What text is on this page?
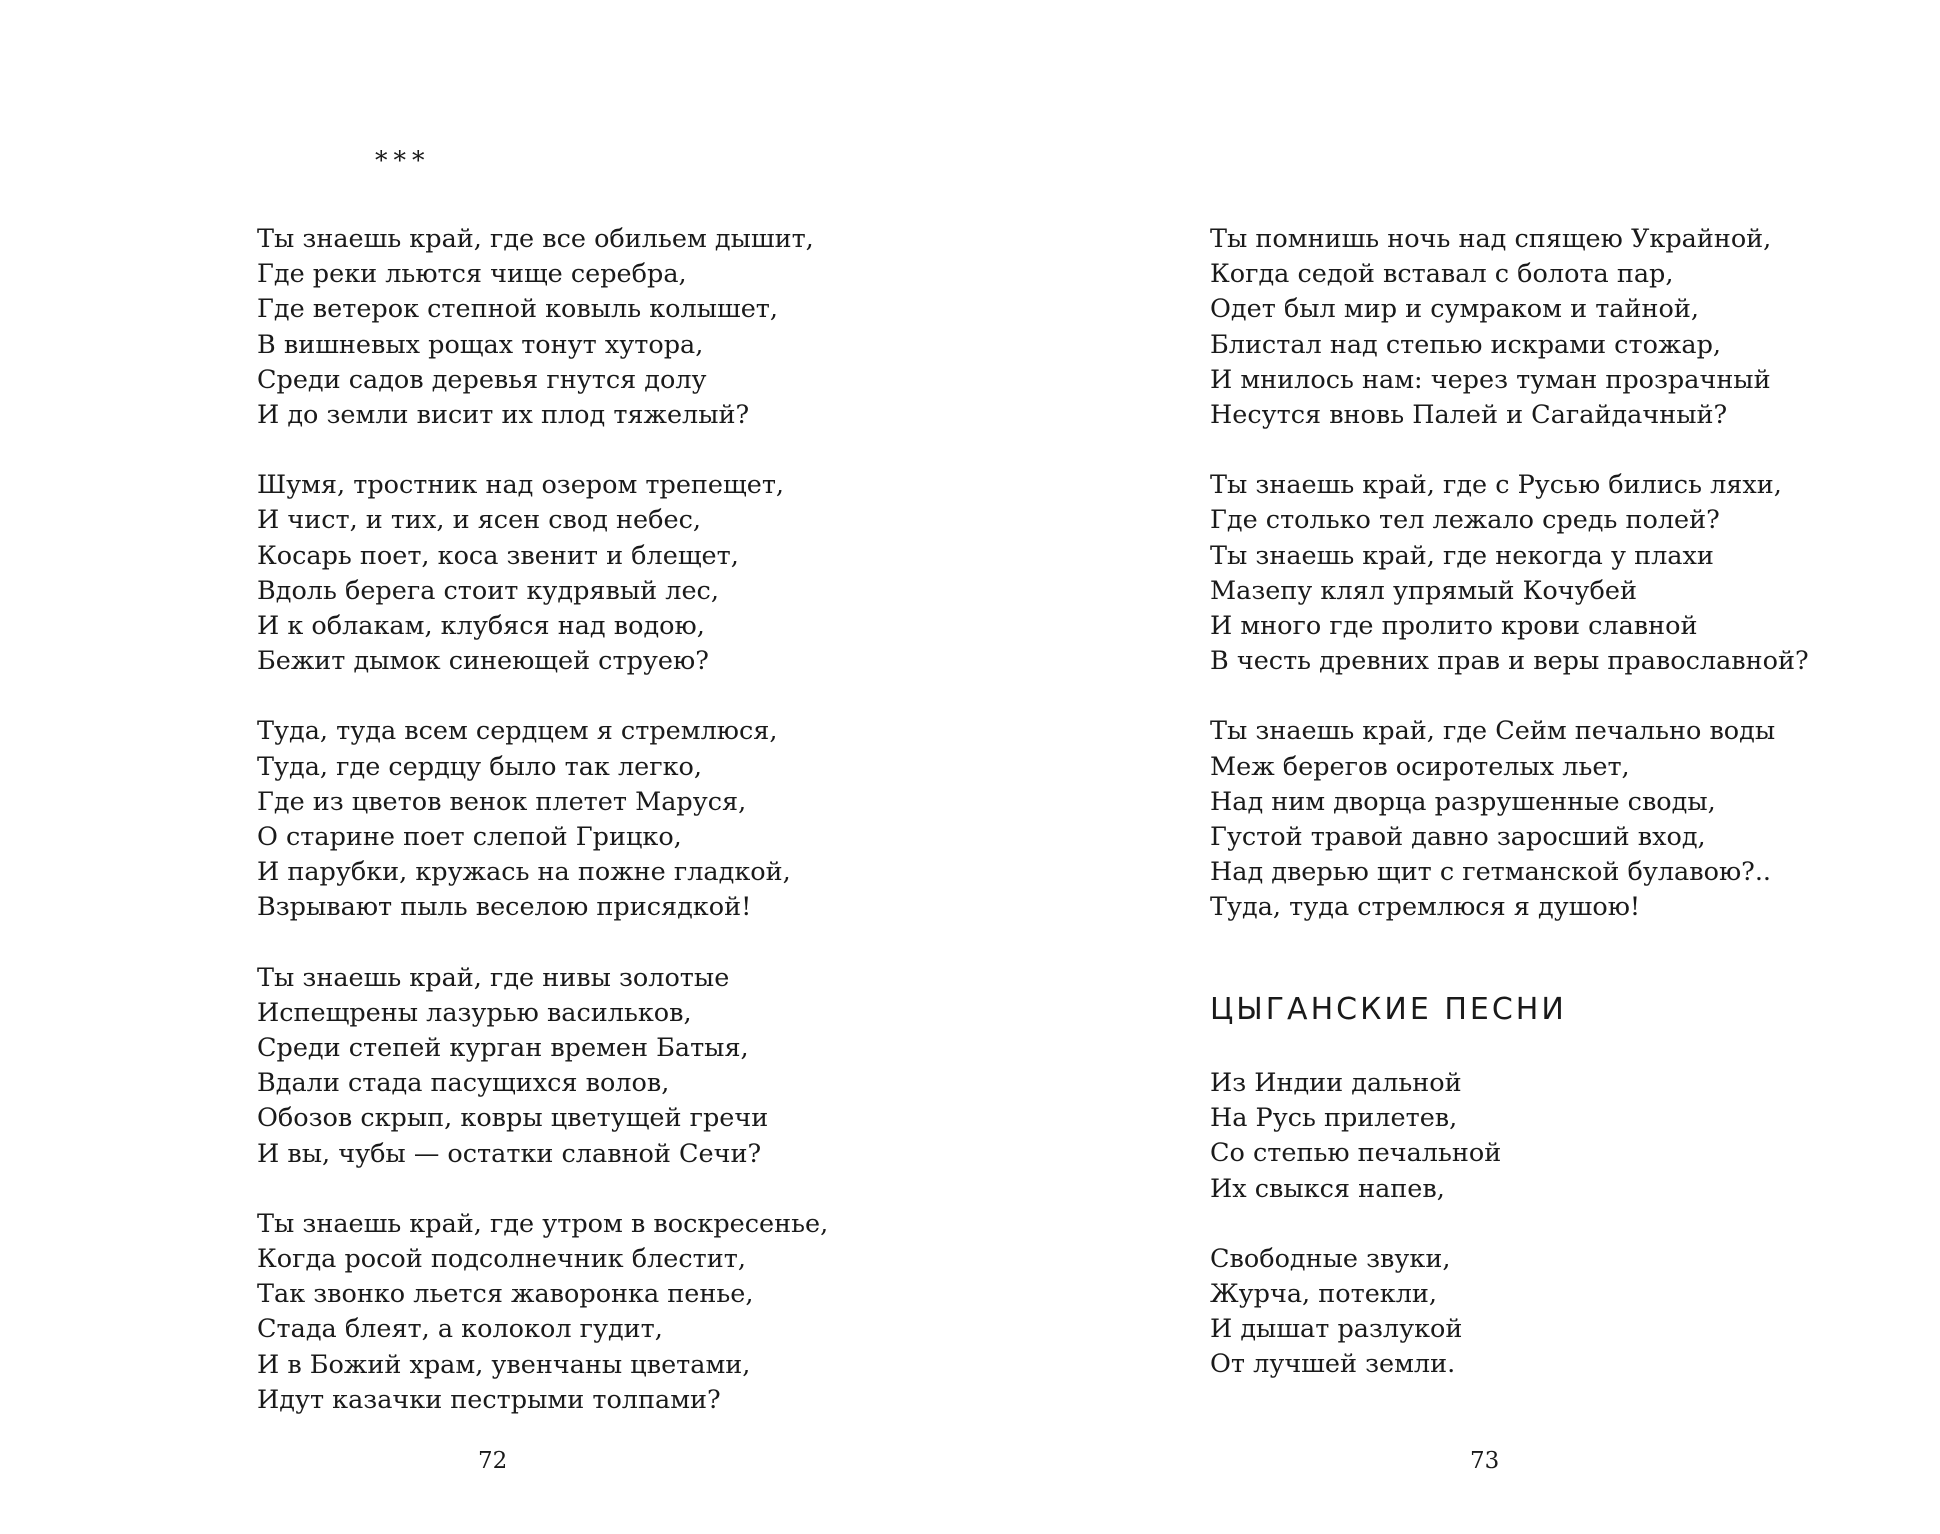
***
Ты знаешь край, где все обильем дышит,
Где реки льются чище серебра,
Где ветерок степной ковыль колышет,
В вишневых рощах тонут хутора,
Среди садов деревья гнутся долу
И до земли висит их плод тяжелый?
Шумя, тростник над озером трепещет,
И чист, и тих, и ясен свод небес,
Косарь поет, коса звенит и блещет,
Вдоль берега стоит кудрявый лес,
И к облакам, клубяся над водою,
Бежит дымок синеющей струею?
Туда, туда всем сердцем я стремлюся,
Туда, где сердцу было так легко,
Где из цветов венок плетет Маруся,
О старине поет слепой Грицко,
И парубки, кружась на пожне гладкой,
Взрывают пыль веселою присядкой!
Ты знаешь край, где нивы золотые
Испещрены лазурью васильков,
Среди степей курган времен Батыя,
Вдали стада пасущихся волов,
Обозов скрып, ковры цветущей гречи
И вы, чубы — остатки славной Сечи?
Ты знаешь край, где утром в воскресенье,
Когда росой подсолнечник блестит,
Так звонко льется жаворонка пенье,
Стада блеят, а колокол гудит,
И в Божий храм, увенчаны цветами,
Идут казачки пестрыми толпами?
72
Ты помнишь ночь над спящею Украйной,
Когда седой вставал с болота пар,
Одет был мир и сумраком и тайной,
Блистал над степью искрами стожар,
И мнилось нам: через туман прозрачный
Несутся вновь Палей и Сагайдачный?
Ты знаешь край, где с Русью бились ляхи,
Где столько тел лежало средь полей?
Ты знаешь край, где некогда у плахи
Мазепу клял упрямый Кочубей
И много где пролито крови славной
В честь древних прав и веры православной?
Ты знаешь край, где Сейм печально воды
Меж берегов осиротелых льет,
Над ним дворца разрушенные своды,
Густой травой давно заросший вход,
Над дверью щит с гетманской булавою?..
Туда, туда стремлюся я душою!
ЦЫГАНСКИЕ ПЕСНИ
Из Индии дальной
На Русь прилетев,
Со степью печальной
Их свыкся напев,
Свободные звуки,
Журча, потекли,
И дышат разлукой
От лучшей земли.
73
